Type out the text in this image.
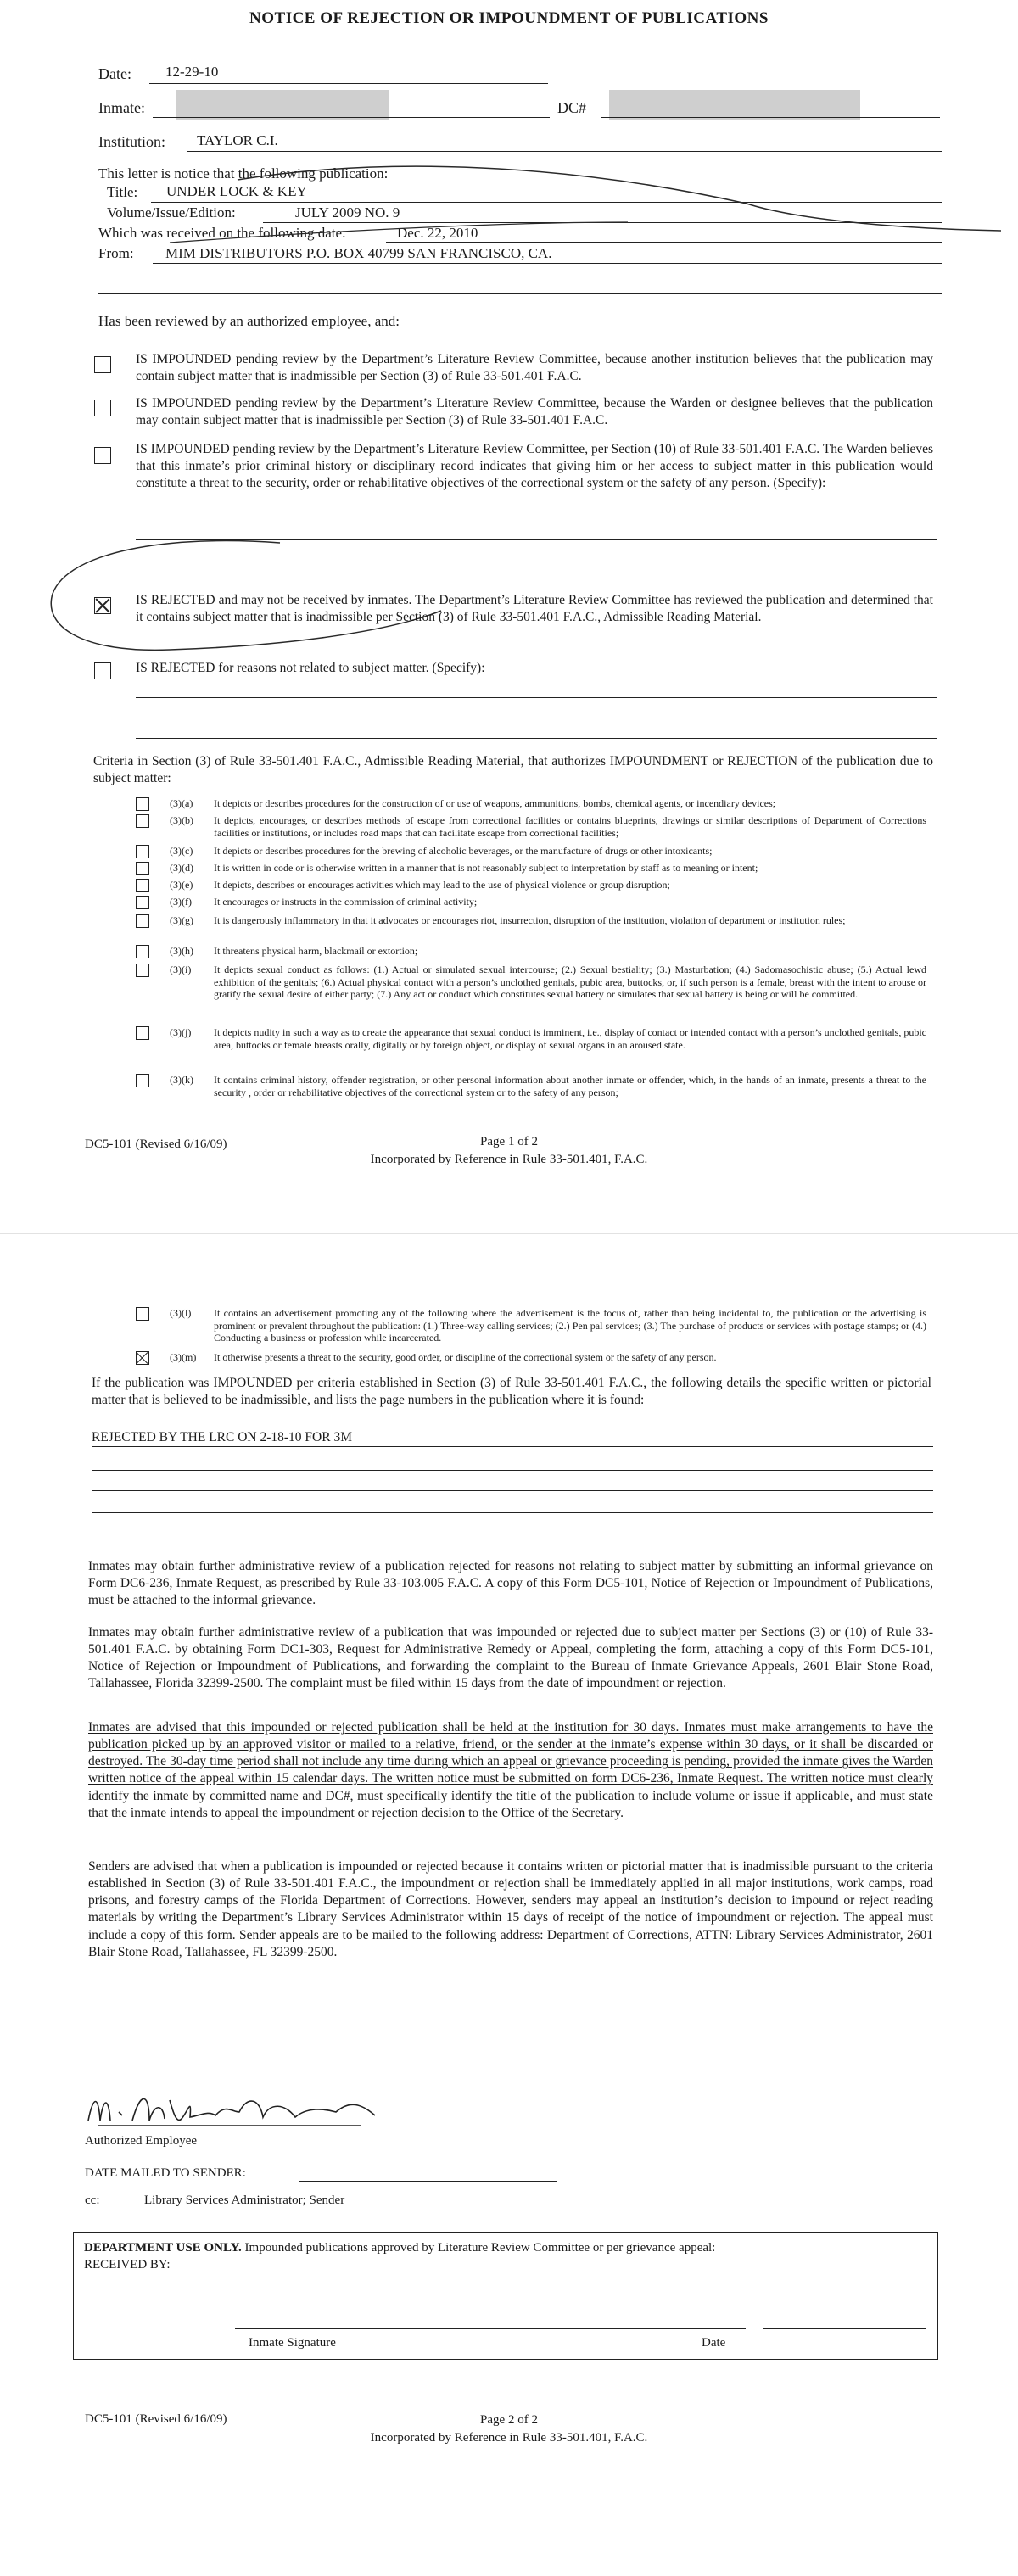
NOTICE OF REJECTION OR IMPOUNDMENT OF PUBLICATIONS
Date: 12-29-10
Inmate:	DC#
Institution: TAYLOR C.I.
This letter is notice that the following publication:
Title: UNDER LOCK & KEY
Volume/Issue/Edition:	JULY 2009 NO. 9
Which was received on the following date:	Dec. 22, 2010
From: MIM DISTRIBUTORS P.O. BOX 40799 SAN FRANCISCO, CA.
Has been reviewed by an authorized employee, and:
IS IMPOUNDED pending review by the Department’s Literature Review Committee, because another institution believes that the publication may contain subject matter that is inadmissible per Section (3) of Rule 33-501.401 F.A.C.
IS IMPOUNDED pending review by the Department’s Literature Review Committee, because the Warden or designee believes that the publication may contain subject matter that is inadmissible per Section (3) of Rule 33-501.401 F.A.C.
IS IMPOUNDED pending review by the Department’s Literature Review Committee, per Section (10) of Rule 33-501.401 F.A.C. The Warden believes that this inmate’s prior criminal history or disciplinary record indicates that giving him or her access to subject matter in this publication would constitute a threat to the security, order or rehabilitative objectives of the correctional system or the safety of any person. (Specify):
IS REJECTED and may not be received by inmates. The Department’s Literature Review Committee has reviewed the publication and determined that it contains subject matter that is inadmissible per Section (3) of Rule 33-501.401 F.A.C., Admissible Reading Material.
IS REJECTED for reasons not related to subject matter. (Specify):
Criteria in Section (3) of Rule 33-501.401 F.A.C., Admissible Reading Material, that authorizes IMPOUNDMENT or REJECTION of the publication due to subject matter:
(3)(a) It depicts or describes procedures for the construction of or use of weapons, ammunitions, bombs, chemical agents, or incendiary devices;
(3)(b) It depicts, encourages, or describes methods of escape from correctional facilities or contains blueprints, drawings or similar descriptions of Department of Corrections facilities or institutions, or includes road maps that can facilitate escape from correctional facilities;
(3)(c) It depicts or describes procedures for the brewing of alcoholic beverages, or the manufacture of drugs or other intoxicants;
(3)(d) It is written in code or is otherwise written in a manner that is not reasonably subject to interpretation by staff as to meaning or intent;
(3)(e) It depicts, describes or encourages activities which may lead to the use of physical violence or group disruption;
(3)(f) It encourages or instructs in the commission of criminal activity;
(3)(g) It is dangerously inflammatory in that it advocates or encourages riot, insurrection, disruption of the institution, violation of department or institution rules;
(3)(h) It threatens physical harm, blackmail or extortion;
(3)(i) It depicts sexual conduct as follows: (1.) Actual or simulated sexual intercourse; (2.) Sexual bestiality; (3.) Masturbation; (4.) Sadomasochistic abuse; (5.) Actual lewd exhibition of the genitals; (6.) Actual physical contact with a person’s unclothed genitals, pubic area, buttocks, or, if such person is a female, breast with the intent to arouse or gratify the sexual desire of either party; (7.) Any act or conduct which constitutes sexual battery or simulates that sexual battery is being or will be committed.
(3)(j) It depicts nudity in such a way as to create the appearance that sexual conduct is imminent, i.e., display of contact or intended contact with a person’s unclothed genitals, pubic area, buttocks or female breasts orally, digitally or by foreign object, or display of sexual organs in an aroused state.
(3)(k) It contains criminal history, offender registration, or other personal information about another inmate or offender, which, in the hands of an inmate, presents a threat to the security , order or rehabilitative objectives of the correctional system or to the safety of any person;
DC5-101 (Revised 6/16/09)	Page 1 of 2
Incorporated by Reference in Rule 33-501.401, F.A.C.
(3)(l) It contains an advertisement promoting any of the following where the advertisement is the focus of, rather than being incidental to, the publication or the advertising is prominent or prevalent throughout the publication: (1.) Three-way calling services; (2.) Pen pal services; (3.) The purchase of products or services with postage stamps; or (4.) Conducting a business or profession while incarcerated.
(3)(m) It otherwise presents a threat to the security, good order, or discipline of the correctional system or the safety of any person.
If the publication was IMPOUNDED per criteria established in Section (3) of Rule 33-501.401 F.A.C., the following details the specific written or pictorial matter that is believed to be inadmissible, and lists the page numbers in the publication where it is found:
REJECTED BY THE LRC ON 2-18-10 FOR 3M
Inmates may obtain further administrative review of a publication rejected for reasons not relating to subject matter by submitting an informal grievance on Form DC6-236, Inmate Request, as prescribed by Rule 33-103.005 F.A.C. A copy of this Form DC5-101, Notice of Rejection or Impoundment of Publications, must be attached to the informal grievance.
Inmates may obtain further administrative review of a publication that was impounded or rejected due to subject matter per Sections (3) or (10) of Rule 33-501.401 F.A.C. by obtaining Form DC1-303, Request for Administrative Remedy or Appeal, completing the form, attaching a copy of this Form DC5-101, Notice of Rejection or Impoundment of Publications, and forwarding the complaint to the Bureau of Inmate Grievance Appeals, 2601 Blair Stone Road, Tallahassee, Florida 32399-2500. The complaint must be filed within 15 days from the date of impoundment or rejection.
Inmates are advised that this impounded or rejected publication shall be held at the institution for 30 days. Inmates must make arrangements to have the publication picked up by an approved visitor or mailed to a relative, friend, or the sender at the inmate’s expense within 30 days, or it shall be discarded or destroyed. The 30-day time period shall not include any time during which an appeal or grievance proceeding is pending, provided the inmate gives the Warden written notice of the appeal within 15 calendar days. The written notice must be submitted on form DC6-236, Inmate Request. The written notice must clearly identify the inmate by committed name and DC#, must specifically identify the title of the publication to include volume or issue if applicable, and must state that the inmate intends to appeal the impoundment or rejection decision to the Office of the Secretary.
Senders are advised that when a publication is impounded or rejected because it contains written or pictorial matter that is inadmissible pursuant to the criteria established in Section (3) of Rule 33-501.401 F.A.C., the impoundment or rejection shall be immediately applied in all major institutions, work camps, road prisons, and forestry camps of the Florida Department of Corrections. However, senders may appeal an institution’s decision to impound or reject reading materials by writing the Department’s Library Services Administrator within 15 days of receipt of the notice of impoundment or rejection. The appeal must include a copy of this form. Sender appeals are to be mailed to the following address: Department of Corrections, ATTN: Library Services Administrator, 2601 Blair Stone Road, Tallahassee, FL 32399-2500.
Authorized Employee
DATE MAILED TO SENDER:
cc:	Library Services Administrator; Sender
DEPARTMENT USE ONLY. Impounded publications approved by Literature Review Committee or per grievance appeal:
RECEIVED BY:
Inmate Signature	Date
DC5-101 (Revised 6/16/09)	Page 2 of 2
Incorporated by Reference in Rule 33-501.401, F.A.C.
